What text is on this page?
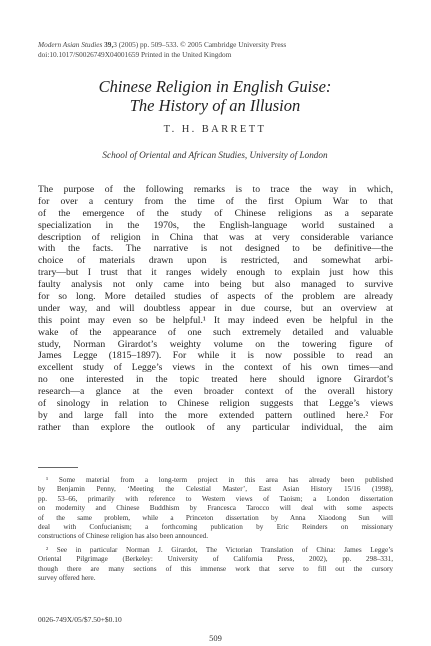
Modern Asian Studies 39,3 (2005) pp. 509–533. © 2005 Cambridge University Press
doi:10.1017/S0026749X04001659 Printed in the United Kingdom
Chinese Religion in English Guise:
The History of an Illusion
T. H. BARRETT
School of Oriental and African Studies, University of London
The purpose of the following remarks is to trace the way in which,
for over a century from the time of the first Opium War to that
of the emergence of the study of Chinese religions as a separate
specialization in the 1970s, the English-language world sustained a
description of religion in China that was at very considerable variance
with the facts. The narrative is not designed to be definitive—the
choice of materials drawn upon is restricted, and somewhat arbi-
trary—but I trust that it ranges widely enough to explain just how this
faulty analysis not only came into being but also managed to survive
for so long. More detailed studies of aspects of the problem are already
under way, and will doubtless appear in due course, but an overview at
this point may even so be helpful.¹ It may indeed even be helpful in the
wake of the appearance of one such extremely detailed and valuable
study, Norman Girardot’s weighty volume on the towering figure of
James Legge (1815–1897). For while it is now possible to read an
excellent study of Legge’s views in the context of his own times—and
no one interested in the topic treated here should ignore Girardot’s
research—a glance at the even broader context of the overall history
of sinology in relation to Chinese religion suggests that Legge’s views
by and large fall into the more extended pattern outlined here.² For
rather than explore the outlook of any particular individual, the aim
¹ Some material from a long-term project in this area has already been published
by Benjamin Penny, ‘Meeting the Celestial Master’, East Asian History 15/16 (1998),
pp. 53–66, primarily with reference to Western views of Taoism; a London dissertation
on modernity and Chinese Buddhism by Francesca Tarocco will deal with some aspects
of the same problem, while a Princeton dissertation by Anna Xiaodong Sun will
deal with Confucianism; a forthcoming publication by Eric Reinders on missionary
constructions of Chinese religion has also been announced.
² See in particular Norman J. Girardot, The Victorian Translation of China: James Legge’s
Oriental Pilgrimage (Berkeley: University of California Press, 2002), pp. 298–331,
though there are many sections of this immense work that serve to fill out the cursory
survey offered here.
0026-749X/05/$7.50+$0.10
509
